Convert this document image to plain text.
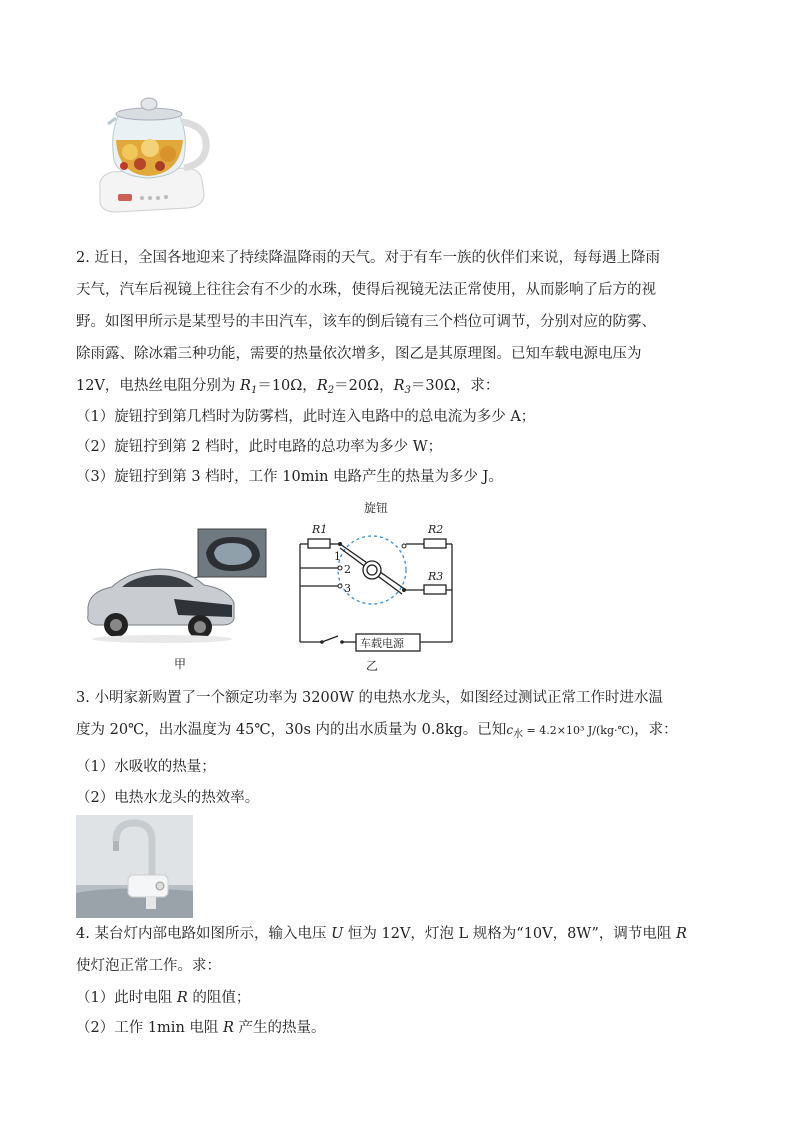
2. 近日，全国各地迎来了持续降温降雨的天气。对于有车一族的伙伴们来说，每每遇上降雨
天气，汽车后视镜上往往会有不少的水珠，使得后视镜无法正常使用，从而影响了后方的视
野。如图甲所示是某型号的丰田汽车，该车的倒后镜有三个档位可调节，分别对应的防雾、
除雨露、除冰霜三种功能，需要的热量依次增多，图乙是其原理图。已知车载电源电压为
12V，电热丝电阻分别为 $R_1=10\Omega$，$R_2=20\Omega$，$R_3=30\Omega$，求：
（1）旋钮拧到第几档时为防雾档，此时连入电路中的总电流为多少 A；
（2）旋钮拧到第 2 档时，此时电路的总功率为多少 W；
（3）旋钮拧到第 3 档时，工作 10min 电路产生的热量为多少 J。
甲
旋钮
R1	R2
R3
1
2
3
车载电源
乙
3. 小明家新购置了一个额定功率为 3200W 的电热水龙头，如图经过测试正常工作时进水温
度为 20℃，出水温度为 45℃，30s 内的出水质量为 0.8kg。已知$c_水 = 4.2\times 10^3$ J/(kg·℃)，求：
（1）水吸收的热量；
（2）电热水龙头的热效率。
4. 某台灯内部电路如图所示，输入电压 U 恒为 12V，灯泡 L 规格为“10V，8W”，调节电阻 R
使灯泡正常工作。求：
（1）此时电阻 R 的阻值；
（2）工作 1min 电阻 R 产生的热量。
